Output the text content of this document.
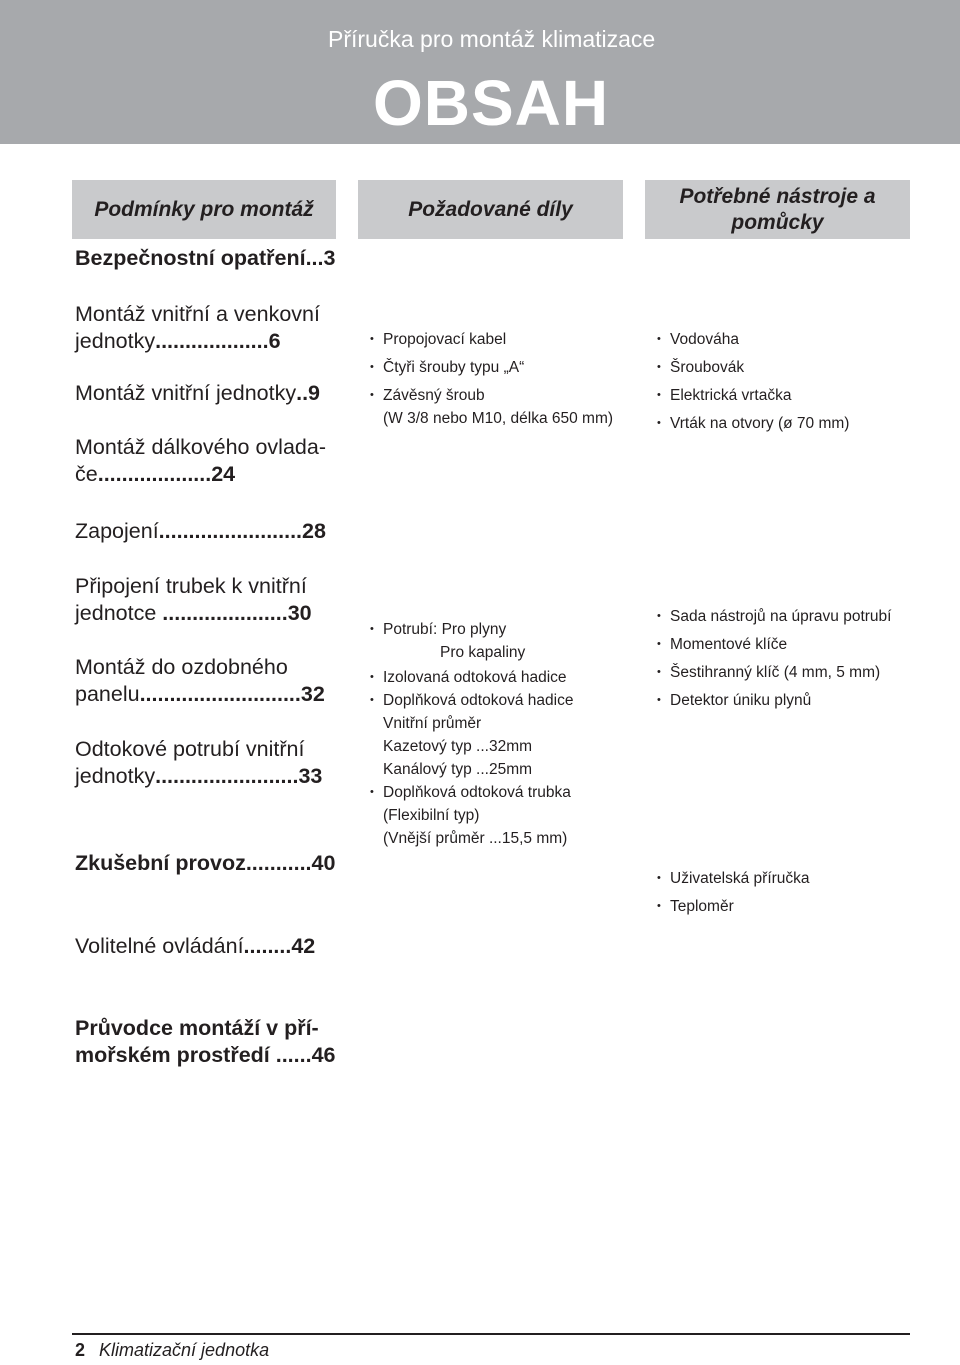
Příručka pro montáž klimatizace
OBSAH
Podmínky pro montáž	Požadované díly
Potřebné nástroje a pomůcky
Bezpečnostní opatření...3
Montáž vnitřní a venkovní jednotky...................6
Montáž vnitřní jednotky..9
Montáž dálkového ovlada-če...................24
Zapojení........................28
Připojení trubek k vnitřní jednotce .....................30
Montáž do ozdobného panelu...........................32
Odtokové potrubí vnitřní jednotky........................33
Zkušební provoz...........40
Volitelné ovládání........42
Průvodce montáží v pří-mořském prostředí ......46
• Propojovací kabel
• Čtyři šrouby typu „A“
• Závěsný šroub
(W 3/8 nebo M10, délka 650 mm)
• Potrubí: Pro plyny
Pro kapaliny
• Izolovaná odtoková hadice
• Doplňková odtoková hadice
Vnitřní průměr
Kazetový typ ...32mm
Kanálový typ ...25mm
• Doplňková odtoková trubka
(Flexibilní typ)
(Vnější průměr ...15,5 mm)
• Vodováha
• Šroubovák
• Elektrická vrtačka
• Vrták na otvory (ø 70 mm)
• Sada nástrojů na úpravu potrubí
• Momentové klíče
• Šestihranný klíč (4 mm, 5 mm)
• Detektor úniku plynů
• Uživatelská příručka
• Teploměr
2 Klimatizační jednotka
